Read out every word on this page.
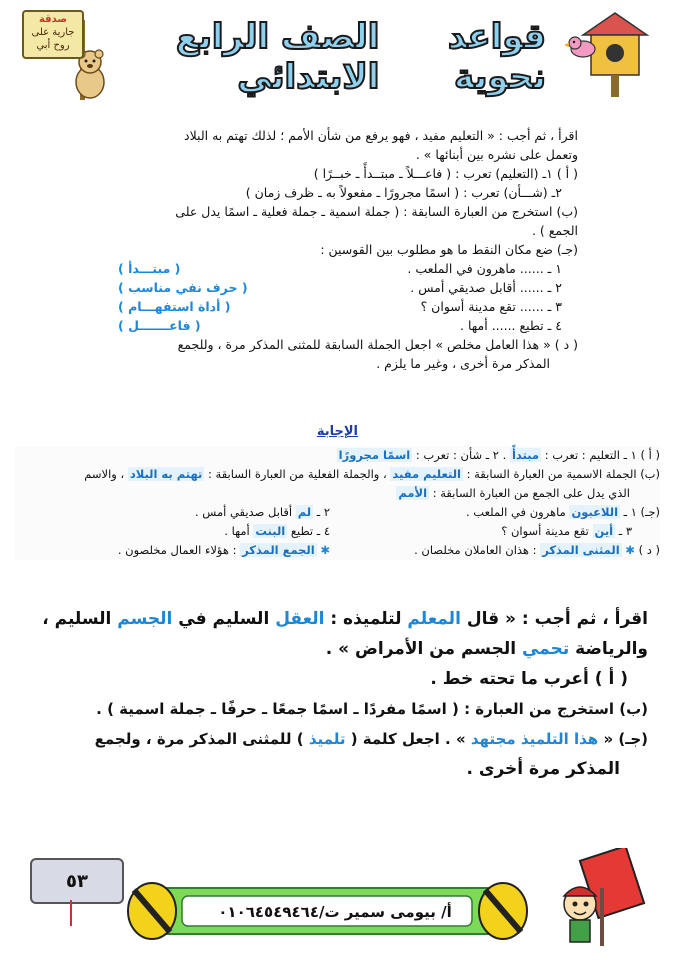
قواعد نحوية
الصف الرابع الابتدائي
صدقة
جارية على
روح أبي
اقرأ ، ثم أجب : « التعليم مفيد ، فهو يرفع من شأن الأمم ؛ لذلك تهتم به البلاد
وتعمل على نشره بين أبنائها » .
( أ ) ١ـ (التعليم) تعرب : ( فاعـــلاً ـ مبتــدأً ـ خبــرًا )
٢ـ (شـــأن) تعرب : ( اسمًا مجرورًا ـ مفعولاً به ـ ظرف زمان )
(ب) استخرج من العبارة السابقة : ( جملة اسمية ـ جملة فعلية ـ اسمًا يدل على
الجمع ) .
(جـ) ضع مكان النقط ما هو مطلوب بين القوسين :
١ ـ ...... ماهرون في الملعب .
( مبتـــدأ )
٢ ـ ...... أقابل صديقي أمس .
( حرف نفي مناسب )
٣ ـ ...... تقع مدينة أسوان ؟
( أداة استفهـــام )
٤ ـ تطيع ...... أمها .
( فاعـــــــل )
( د ) « هذا العامل مخلص » اجعل الجملة السابقة للمثنى المذكر مرة ، وللجمع
المذكر مرة أخرى ، وغير ما يلزم .
الإجابة
( أ ) ١ ـ التعليم : تعرب : مبتدأً . ٢ ـ شأن : تعرب : اسمًا مجرورًا
(ب) الجملة الاسمية من العبارة السابقة : التعليم مفيد ، والجملة الفعلية من العبارة السابقة : تهتم به البلاد ، والاسم
الذي يدل على الجمع من العبارة السابقة : الأمم
(جـ) ١ ـ اللاعبون ماهرون في الملعب .
٢ ـ لم أقابل صديقي أمس .
٣ ـ أين تقع مدينة أسوان ؟
٤ ـ تطيع البنت أمها .
( د ) ✱ المثنى المذكر : هذان العاملان مخلصان .
✱ الجمع المذكر : هؤلاء العمال مخلصون .
اقرأ ، ثم أجب : « قال المعلم لتلميذه : العقل السليم في الجسم السليم ،
والرياضة تحمي الجسم من الأمراض » .
( أ ) أعرب ما تحته خط .
(ب) استخرج من العبارة : ( اسمًا مفردًا ـ اسمًا جمعًا ـ حرفًا ـ جملة اسمية ) .
(جـ) « هذا التلميذ مجتهد » . اجعل كلمة ( تلميذ ) للمثنى المذكر مرة ، ولجمع
المذكر مرة أخرى .
٥٣
أ/ بيومى سمير ت/٠١٠٦٤٥٤٩٤٦٤
